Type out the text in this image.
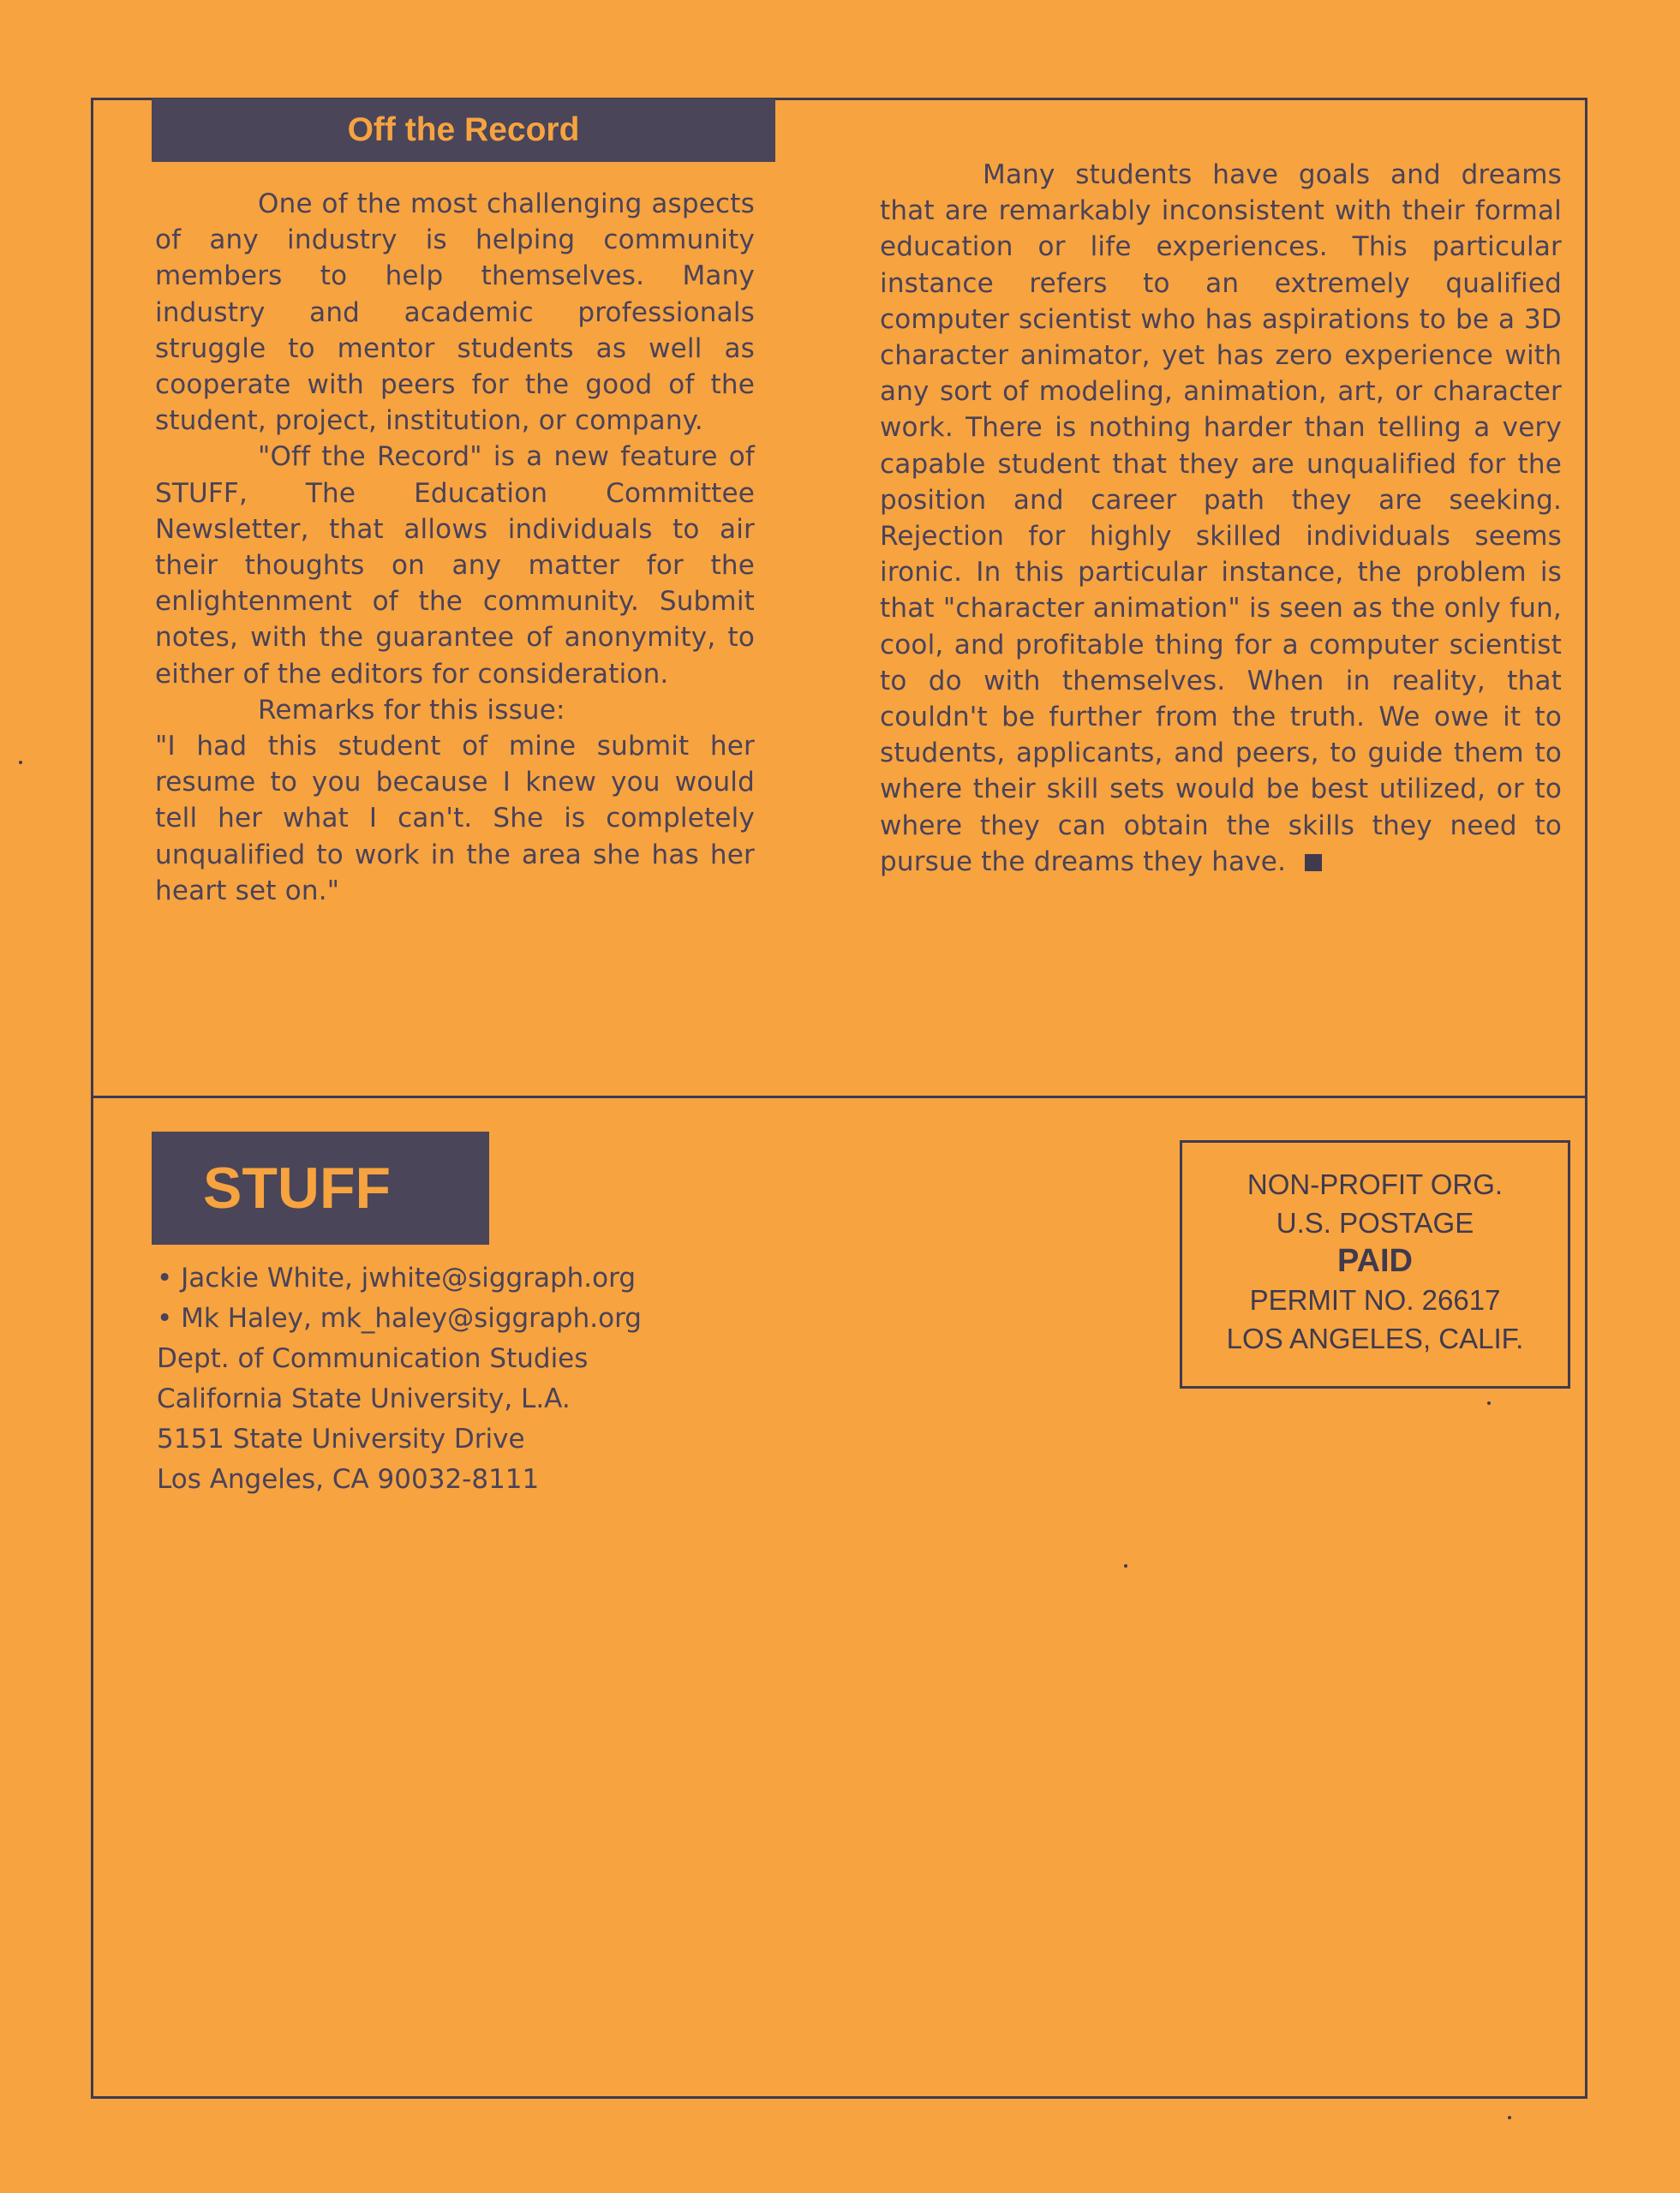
Off the Record

One of the most challenging aspects of any industry is helping community members to help themselves. Many industry and academic professionals struggle to mentor students as well as cooperate with peers for the good of the student, project, institution, or company.

"Off the Record" is a new feature of STUFF, The Education Committee Newsletter, that allows individuals to air their thoughts on any matter for the enlightenment of the community. Submit notes, with the guarantee of anonymity, to either of the editors for consideration.

Remarks for this issue:

"I had this student of mine submit her resume to you because I knew you would tell her what I can't. She is completely unqualified to work in the area she has her heart set on."

Many students have goals and dreams that are remarkably inconsistent with their formal education or life experiences. This particular instance refers to an extremely qualified computer scientist who has aspirations to be a 3D character animator, yet has zero experience with any sort of modeling, animation, art, or character work. There is nothing harder than telling a very capable student that they are unqualified for the position and career path they are seeking. Rejection for highly skilled individuals seems ironic. In this particular instance, the problem is that "character animation" is seen as the only fun, cool, and profitable thing for a computer scientist to do with themselves. When in reality, that couldn't be further from the truth. We owe it to students, applicants, and peers, to guide them to where their skill sets would be best utilized, or to where they can obtain the skills they need to pursue the dreams they have.

STUFF
• Jackie White, jwhite@siggraph.org
• Mk Haley, mk_haley@siggraph.org
Dept. of Communication Studies
California State University, L.A.
5151 State University Drive
Los Angeles, CA 90032-8111
NON-PROFIT ORG.
U.S. POSTAGE
PAID
PERMIT NO. 26617
LOS ANGELES, CALIF.
